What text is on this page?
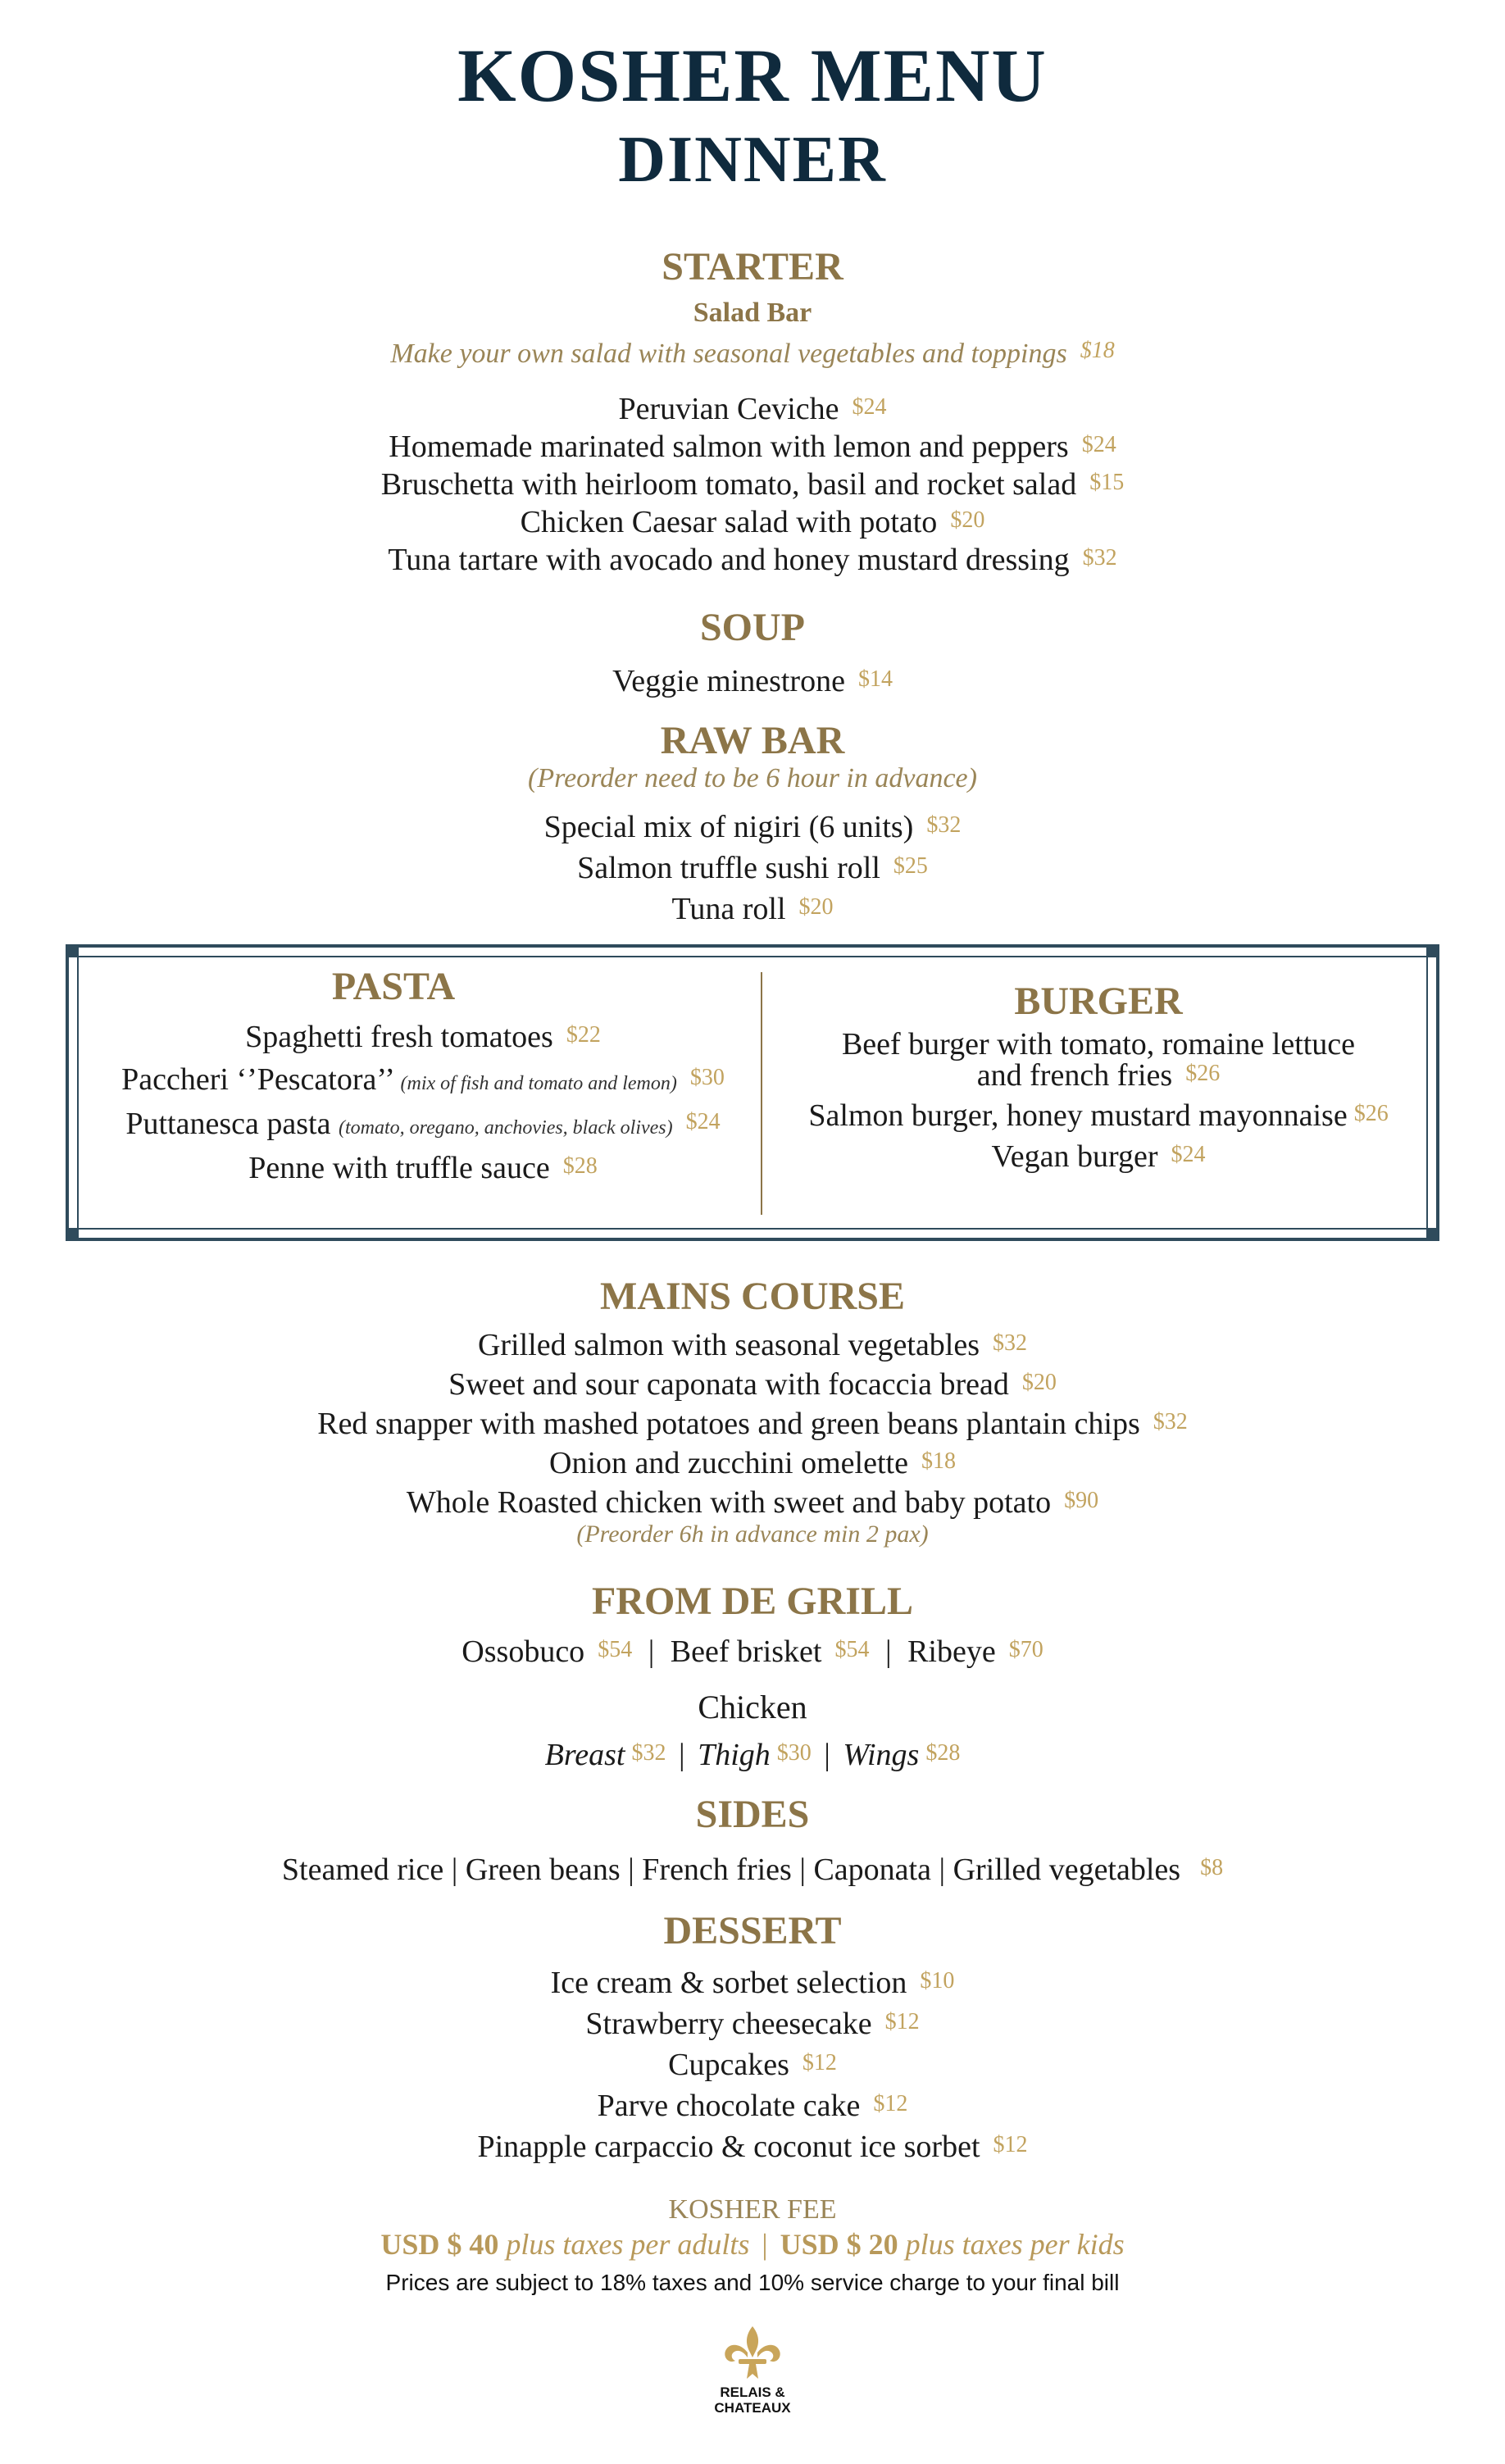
KOSHER MENU
DINNER
STARTER
Salad Bar
Make your own salad with seasonal vegetables and toppings $18
Peruvian Ceviche $24
Homemade marinated salmon with lemon and peppers $24
Bruschetta with heirloom tomato, basil and rocket salad $15
Chicken Caesar salad with potato $20
Tuna tartare with avocado and honey mustard dressing $32
SOUP
Veggie minestrone $14
RAW BAR
(Preorder need to be 6 hour in advance)
Special mix of nigiri (6 units) $32
Salmon truffle sushi roll $25
Tuna roll $20
PASTA
Spaghetti fresh tomatoes $22
Paccheri ‘’Pescatora’’ (mix of fish and tomato and lemon) $30
Puttanesca pasta (tomato, oregano, anchovies, black olives) $24
Penne with truffle sauce $28
BURGER
Beef burger with tomato, romaine lettuce
and french fries $26
Salmon burger, honey mustard mayonnaise $26
Vegan burger $24
MAINS COURSE
Grilled salmon with seasonal vegetables $32
Sweet and sour caponata with focaccia bread $20
Red snapper with mashed potatoes and green beans plantain chips $32
Onion and zucchini omelette $18
Whole Roasted chicken with sweet and baby potato $90
(Preorder 6h in advance min 2 pax)
FROM DE GRILL
Ossobuco $54 | Beef brisket $54 | Ribeye $70
Chicken
Breast $32 | Thigh $30 | Wings $28
SIDES
Steamed rice | Green beans | French fries | Caponata | Grilled vegetables $8
DESSERT
Ice cream & sorbet selection $10
Strawberry cheesecake $12
Cupcakes $12
Parve chocolate cake $12
Pinapple carpaccio & coconut ice sorbet $12
KOSHER FEE
USD $ 40 plus taxes per adults | USD $ 20 plus taxes per kids
Prices are subject to 18% taxes and 10% service charge to your final bill
RELAIS &
CHATEAUX
